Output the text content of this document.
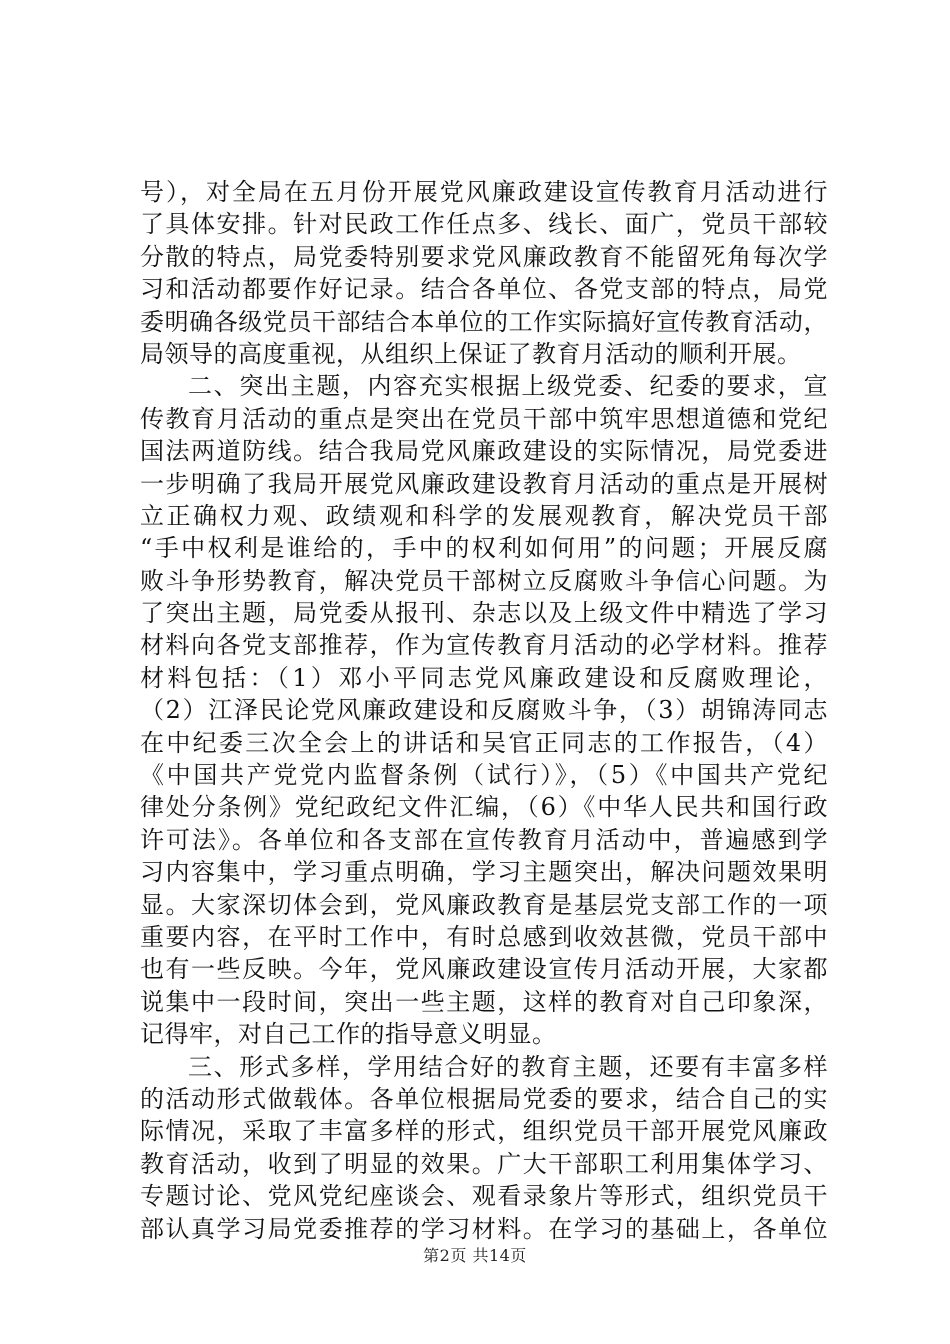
号），对全局在五月份开展党风廉政建设宣传教育月活动进行
了具体安排。针对民政工作任点多、线长、面广，党员干部较
分散的特点，局党委特别要求党风廉政教育不能留死角每次学
习和活动都要作好记录。结合各单位、各党支部的特点，局党
委明确各级党员干部结合本单位的工作实际搞好宣传教育活动，
局领导的高度重视，从组织上保证了教育月活动的顺利开展。
二、突出主题，内容充实根据上级党委、纪委的要求，宣
传教育月活动的重点是突出在党员干部中筑牢思想道德和党纪
国法两道防线。结合我局党风廉政建设的实际情况，局党委进
一步明确了我局开展党风廉政建设教育月活动的重点是开展树
立正确权力观、政绩观和科学的发展观教育，解决党员干部
“手中权利是谁给的，手中的权利如何用”的问题；开展反腐
败斗争形势教育，解决党员干部树立反腐败斗争信心问题。为
了突出主题，局党委从报刊、杂志以及上级文件中精选了学习
材料向各党支部推荐，作为宣传教育月活动的必学材料。推荐
材料包括：（1）邓小平同志党风廉政建设和反腐败理论，
（2）江泽民论党风廉政建设和反腐败斗争，（3）胡锦涛同志
在中纪委三次全会上的讲话和吴官正同志的工作报告，（4）
《中国共产党党内监督条例（试行）》，（5）《中国共产党纪
律处分条例》党纪政纪文件汇编，（6）《中华人民共和国行政
许可法》。各单位和各支部在宣传教育月活动中，普遍感到学
习内容集中，学习重点明确，学习主题突出，解决问题效果明
显。大家深切体会到，党风廉政教育是基层党支部工作的一项
重要内容，在平时工作中，有时总感到收效甚微，党员干部中
也有一些反映。今年，党风廉政建设宣传月活动开展，大家都
说集中一段时间，突出一些主题，这样的教育对自己印象深，
记得牢，对自己工作的指导意义明显。
三、形式多样，学用结合好的教育主题，还要有丰富多样
的活动形式做载体。各单位根据局党委的要求，结合自己的实
际情况，采取了丰富多样的形式，组织党员干部开展党风廉政
教育活动，收到了明显的效果。广大干部职工利用集体学习、
专题讨论、党风党纪座谈会、观看录象片等形式，组织党员干
部认真学习局党委推荐的学习材料。在学习的基础上，各单位
第2页 共14页
